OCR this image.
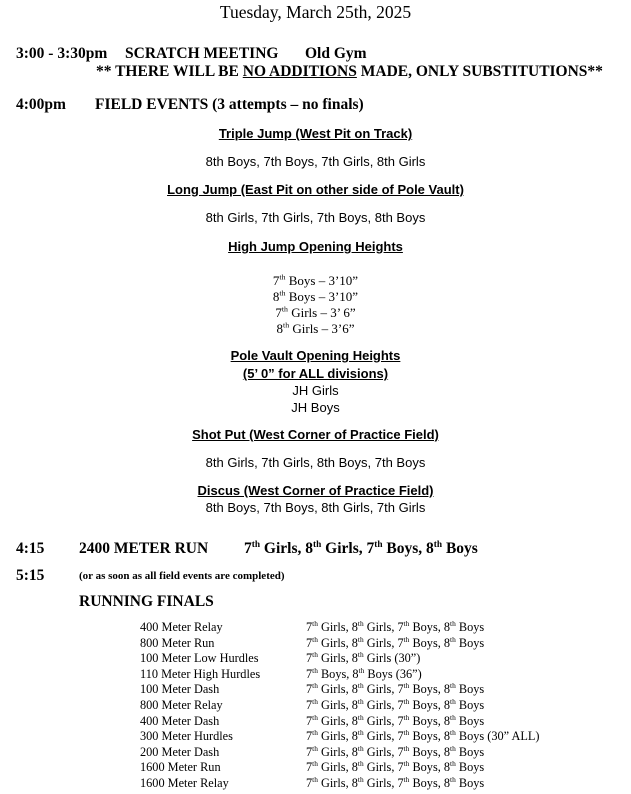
Tuesday, March 25th, 2025
3:00 - 3:30pm SCRATCH MEETING Old Gym
** THERE WILL BE NO ADDITIONS MADE, ONLY SUBSTITUTIONS**
4:00pm FIELD EVENTS (3 attempts – no finals)
Triple Jump (West Pit on Track)
8th Boys, 7th Boys, 7th Girls, 8th Girls
Long Jump (East Pit on other side of Pole Vault)
8th Girls, 7th Girls, 7th Boys, 8th Boys
High Jump Opening Heights
7th Boys – 3’10”
8th Boys – 3’10”
7th Girls – 3’ 6”
8th Girls – 3’6”
Pole Vault Opening Heights
(5’ 0” for ALL divisions)
JH Girls
JH Boys
Shot Put (West Corner of Practice Field)
8th Girls, 7th Girls, 8th Boys, 7th Boys
Discus (West Corner of Practice Field)
8th Boys, 7th Boys, 8th Girls, 7th Girls
4:15 2400 METER RUN 7th Girls, 8th Girls, 7th Boys, 8th Boys
5:15	(or as soon as all field events are completed)
RUNNING FINALS
400 Meter Relay	7th Girls, 8th Girls, 7th Boys, 8th Boys
800 Meter Run	7th Girls, 8th Girls, 7th Boys, 8th Boys
100 Meter Low Hurdles	7th Girls, 8th Girls (30”)
110 Meter High Hurdles	7th Boys, 8th Boys (36”)
100 Meter Dash	7th Girls, 8th Girls, 7th Boys, 8th Boys
800 Meter Relay	7th Girls, 8th Girls, 7th Boys, 8th Boys
400 Meter Dash	7th Girls, 8th Girls, 7th Boys, 8th Boys
300 Meter Hurdles	7th Girls, 8th Girls, 7th Boys, 8th Boys (30” ALL)
200 Meter Dash	7th Girls, 8th Girls, 7th Boys, 8th Boys
1600 Meter Run	7th Girls, 8th Girls, 7th Boys, 8th Boys
1600 Meter Relay	7th Girls, 8th Girls, 7th Boys, 8th Boys
